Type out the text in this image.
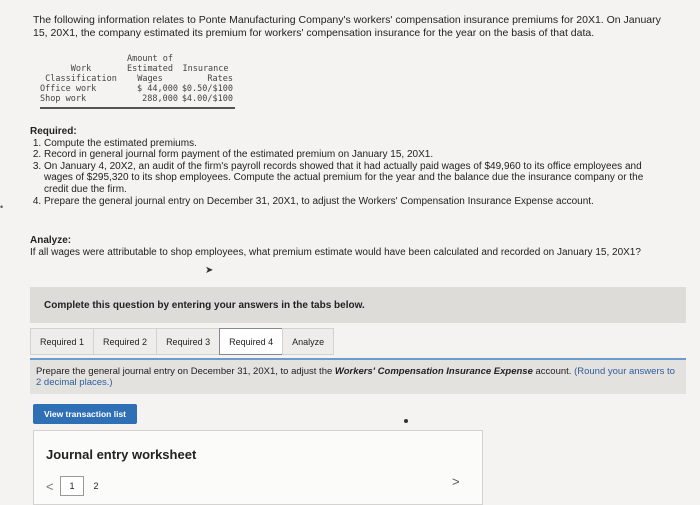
The following information relates to Ponte Manufacturing Company's workers' compensation insurance premiums for 20X1. On January 15, 20X1, the company estimated its premium for workers' compensation insurance for the year on the basis of that data.
Amount of
Work	Estimated	Insurance
Classification	Wages	Rates
Office work	$ 44,000 $0.50/$100
Shop work	288,000 $4.00/$100
Required:
1. Compute the estimated premiums.
2. Record in general journal form payment of the estimated premium on January 15, 20X1.
3. On January 4, 20X2, an audit of the firm's payroll records showed that it had actually paid wages of $49,960 to its office employees and wages of $295,320 to its shop employees. Compute the actual premium for the year and the balance due the insurance company or the credit due the firm.
4. Prepare the general journal entry on December 31, 20X1, to adjust the Workers' Compensation Insurance Expense account.
Analyze:
If all wages were attributable to shop employees, what premium estimate would have been calculated and recorded on January 15, 20X1?
➤
•
Complete this question by entering your answers in the tabs below.
Required 1	Required 2	Required 3	Required 4	Analyze
Prepare the general journal entry on December 31, 20X1, to adjust the Workers' Compensation Insurance Expense account. (Round your answers to 2 decimal places.)
View transaction list
Journal entry worksheet
<	1	2	>
